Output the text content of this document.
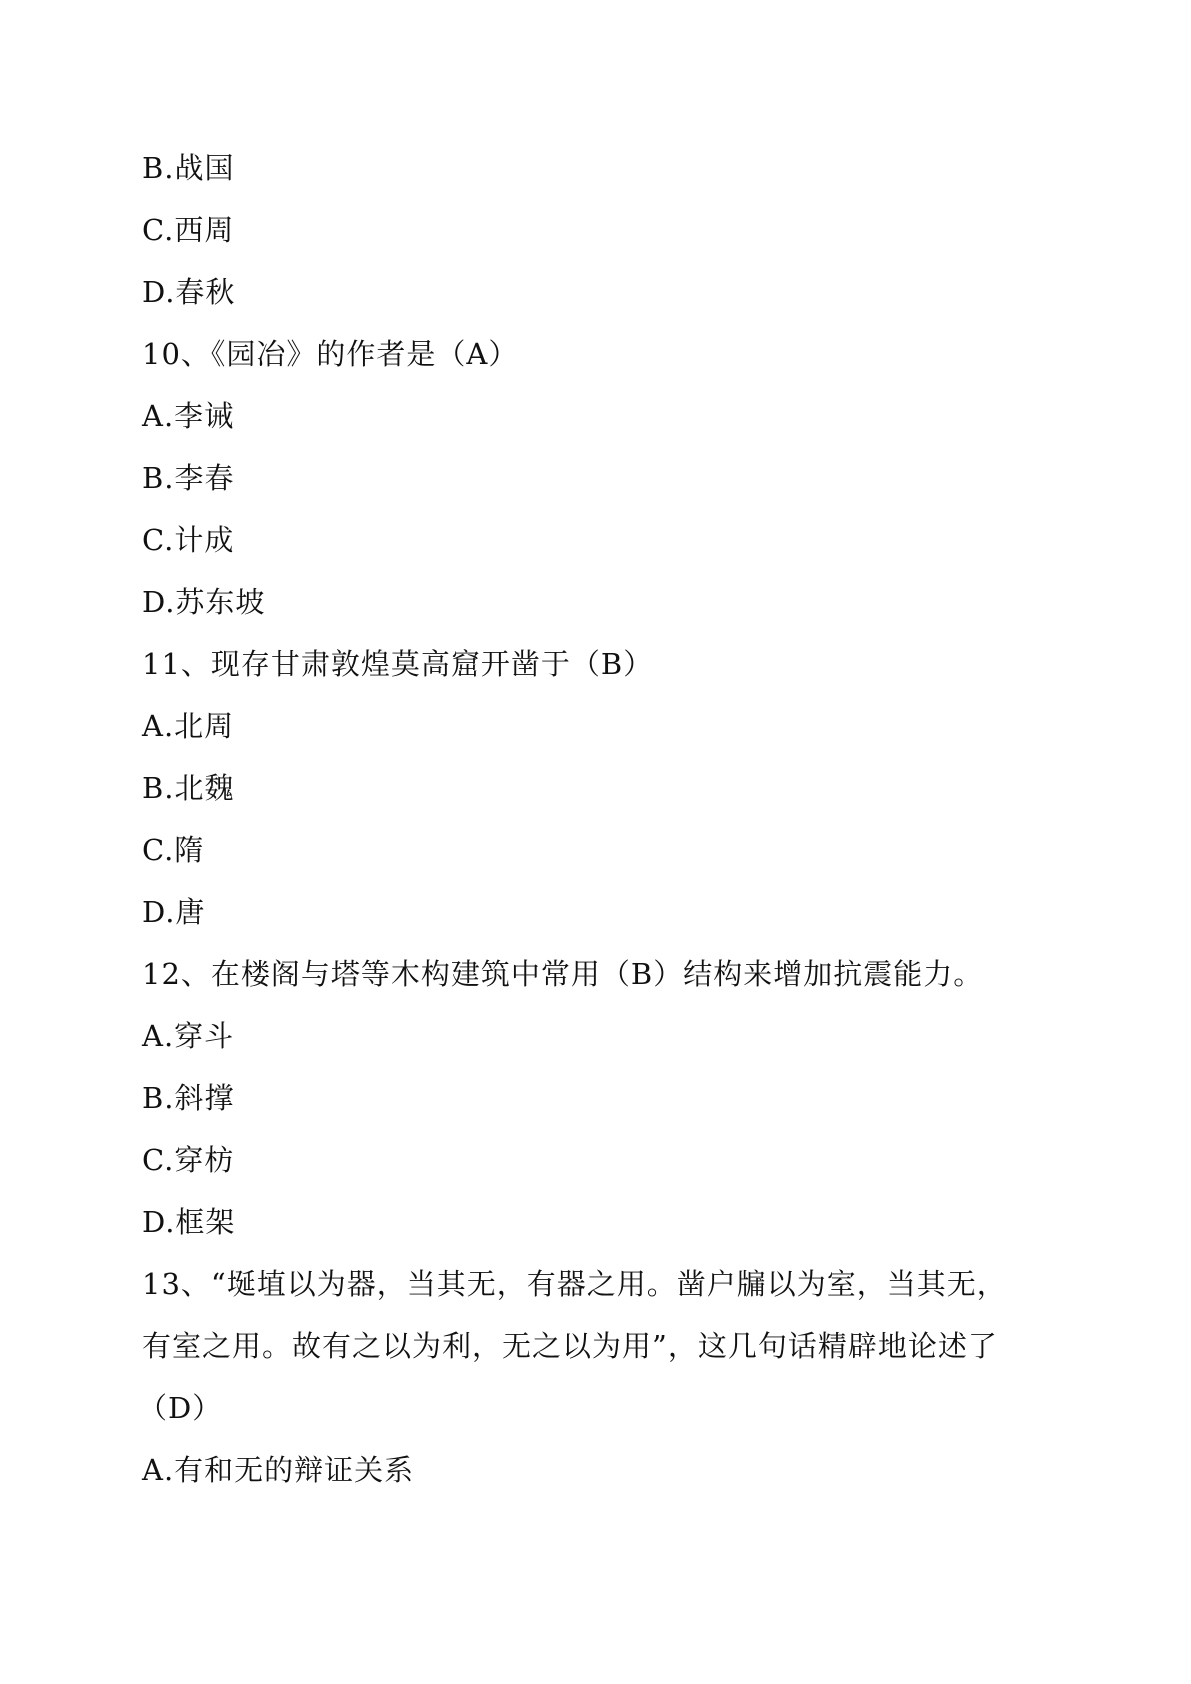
B.战国
C.西周
D.春秋
10、《园冶》的作者是（A）
A.李诫
B.李春
C.计成
D.苏东坡
11、现存甘肃敦煌莫高窟开凿于（B）
A.北周
B.北魏
C.隋
D.唐
12、在楼阁与塔等木构建筑中常用（B）结构来增加抗震能力。
A.穿斗
B.斜撑
C.穿枋
D.框架
13、“埏埴以为器，当其无，有器之用。凿户牖以为室，当其无，
有室之用。故有之以为利，无之以为用”，这几句话精辟地论述了
（D）
A.有和无的辩证关系
